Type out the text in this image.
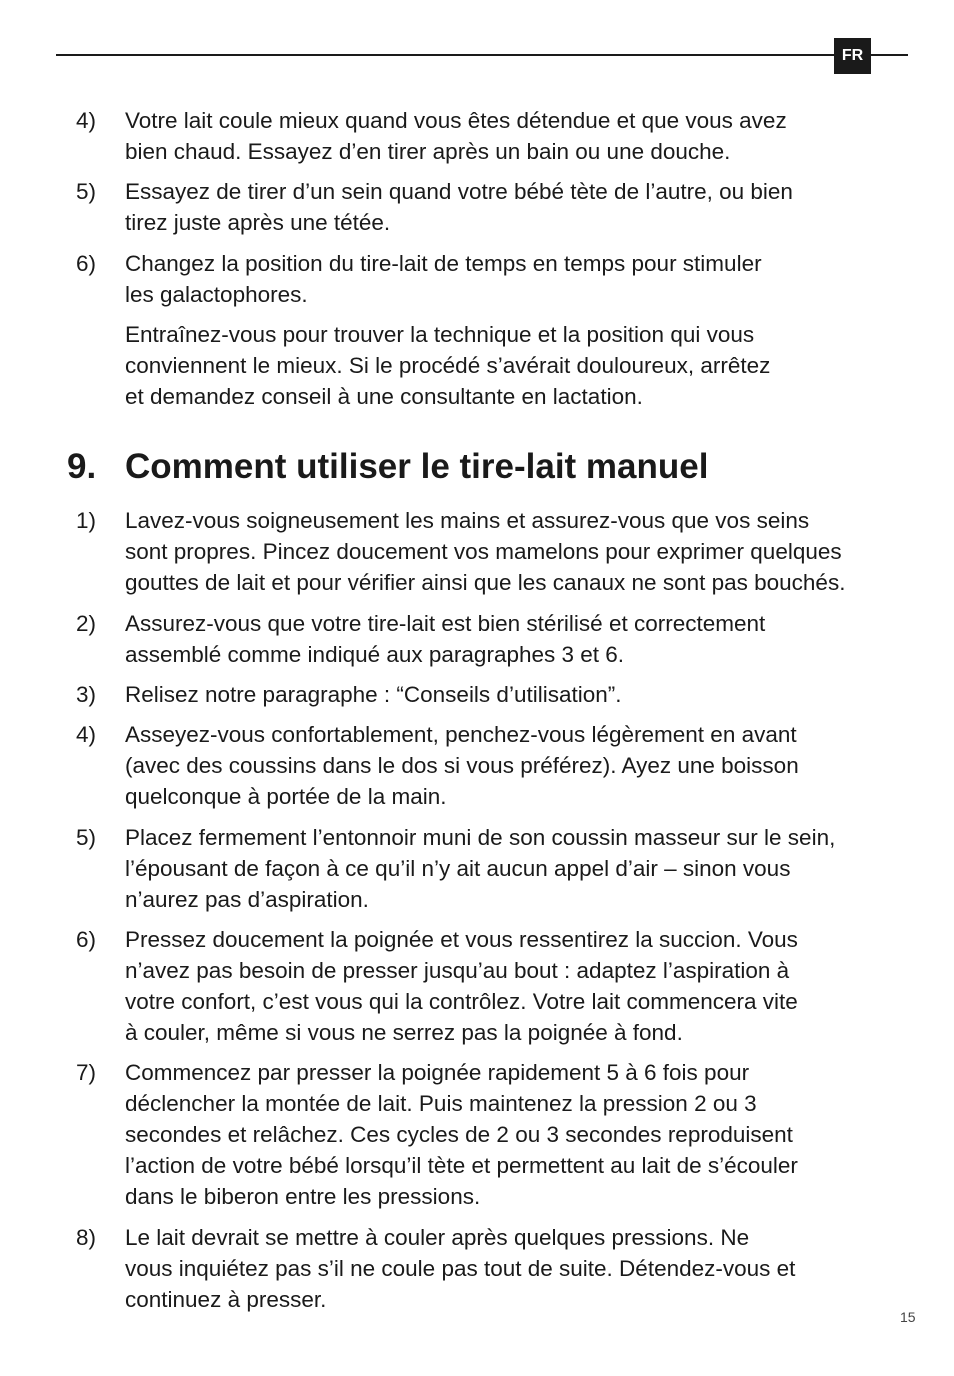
FR
4) Votre lait coule mieux quand vous êtes détendue et que vous avez
bien chaud. Essayez d’en tirer après un bain ou une douche.
5) Essayez de tirer d’un sein quand votre bébé tète de l’autre, ou bien
tirez juste après une tétée.
6) Changez la position du tire-lait de temps en temps pour stimuler
les galactophores.
Entraînez-vous pour trouver la technique et la position qui vous
conviennent le mieux. Si le procédé s’avérait douloureux, arrêtez
et demandez conseil à une consultante en lactation.
9. Comment utiliser le tire-lait manuel
1) Lavez-vous soigneusement les mains et assurez-vous que vos seins
sont propres. Pincez doucement vos mamelons pour exprimer quelques
gouttes de lait et pour vérifier ainsi que les canaux ne sont pas bouchés.
2) Assurez-vous que votre tire-lait est bien stérilisé et correctement
assemblé comme indiqué aux paragraphes 3 et 6.
3) Relisez notre paragraphe : “Conseils d’utilisation”.
4) Asseyez-vous confortablement, penchez-vous légèrement en avant
(avec des coussins dans le dos si vous préférez). Ayez une boisson
quelconque à portée de la main.
5) Placez fermement l’entonnoir muni de son coussin masseur sur le sein,
l’épousant de façon à ce qu’il n’y ait aucun appel d’air – sinon vous
n’aurez pas d’aspiration.
6) Pressez doucement la poignée et vous ressentirez la succion. Vous
n’avez pas besoin de presser jusqu’au bout : adaptez l’aspiration à
votre confort, c’est vous qui la contrôlez. Votre lait commencera vite
à couler, même si vous ne serrez pas la poignée à fond.
7) Commencez par presser la poignée rapidement 5 à 6 fois pour
déclencher la montée de lait. Puis maintenez la pression 2 ou 3
secondes et relâchez. Ces cycles de 2 ou 3 secondes reproduisent
l’action de votre bébé lorsqu’il tète et permettent au lait de s’écouler
dans le biberon entre les pressions.
8) Le lait devrait se mettre à couler après quelques pressions. Ne
vous inquiétez pas s’il ne coule pas tout de suite. Détendez-vous et
continuez à presser.
15
